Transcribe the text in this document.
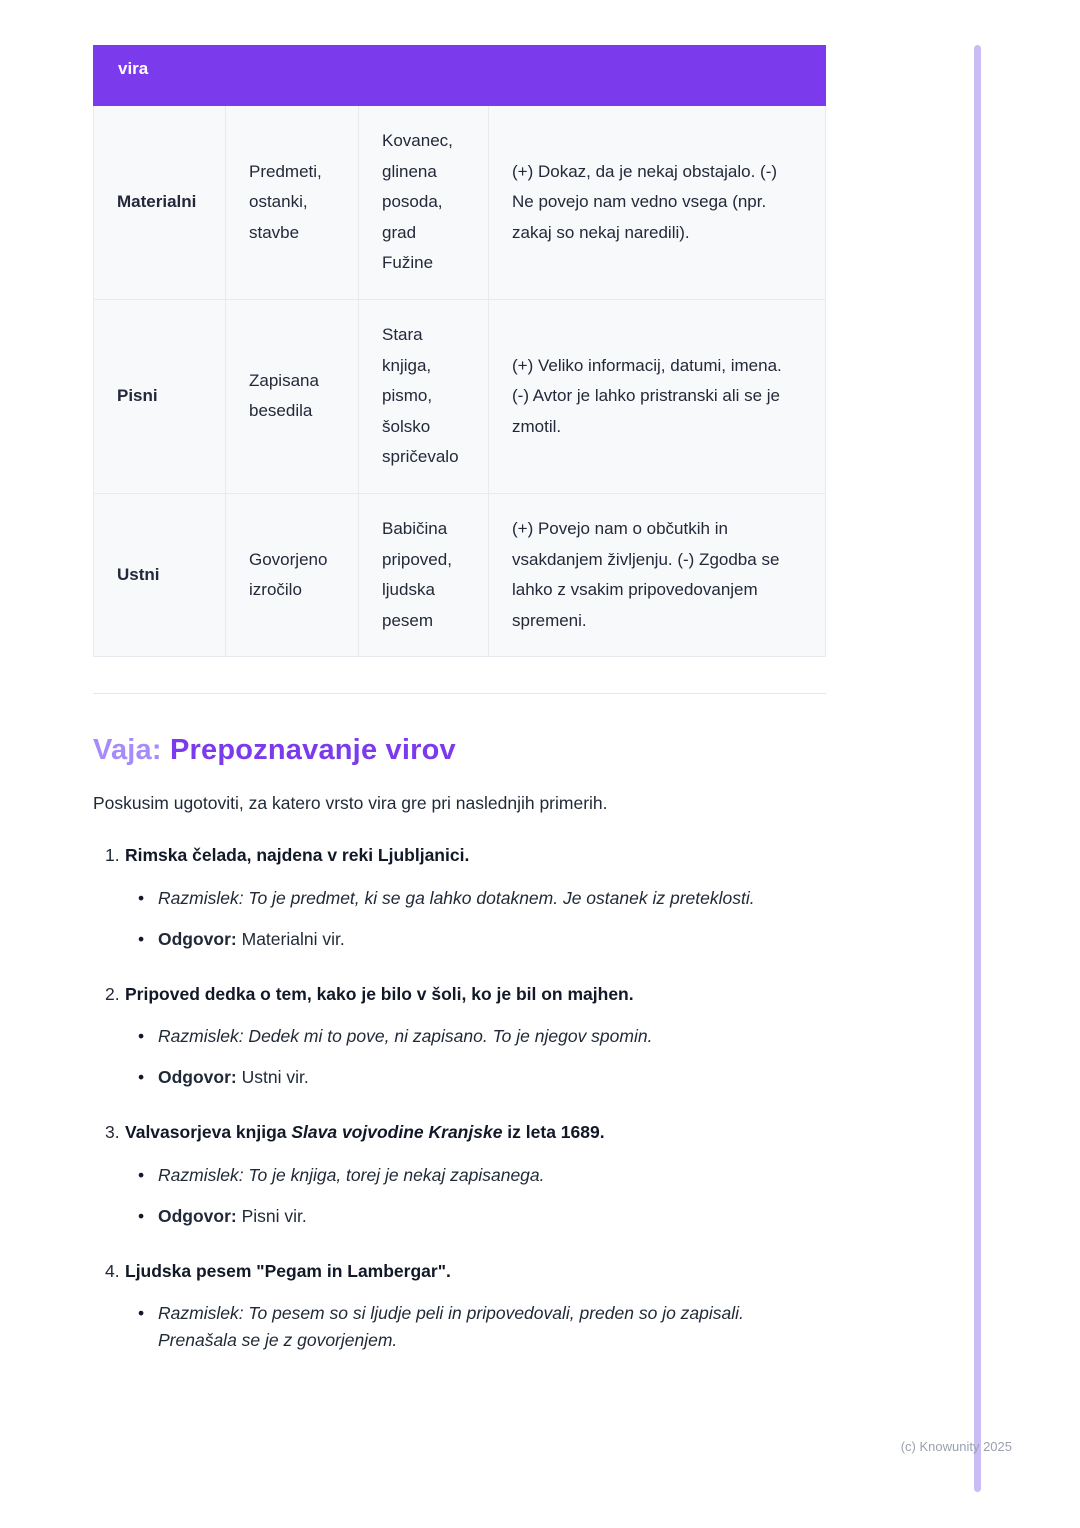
vira			
Materialni	Predmeti, ostanki, stavbe	Kovanec, glinena posoda, grad Fužine	(+) Dokaz, da je nekaj obstajalo. (-) Ne povejo nam vedno vsega (npr. zakaj so nekaj naredili).
Pisni	Zapisana besedila	Stara knjiga, pismo, šolsko spričevalo	(+) Veliko informacij, datumi, imena. (-) Avtor je lahko pristranski ali se je zmotil.
Ustni	Govorjeno izročilo	Babičina pripoved, ljudska pesem	(+) Povejo nam o občutkih in vsakdanjem življenju. (-) Zgodba se lahko z vsakim pripovedovanjem spremeni.
Vaja: Prepoznavanje virov

Poskusim ugotoviti, za katero vrsto vira gre pri naslednjih primerih.

1. Rimska čelada, najdena v reki Ljubljanici.
• Razmislek: To je predmet, ki se ga lahko dotaknem. Je ostanek iz preteklosti.
• Odgovor: Materialni vir.
2. Pripoved dedka o tem, kako je bilo v šoli, ko je bil on majhen.
• Razmislek: Dedek mi to pove, ni zapisano. To je njegov spomin.
• Odgovor: Ustni vir.
3. Valvasorjeva knjiga Slava vojvodine Kranjske iz leta 1689.
• Razmislek: To je knjiga, torej je nekaj zapisanega.
• Odgovor: Pisni vir.
4. Ljudska pesem "Pegam in Lambergar".
• Razmislek: To pesem so si ljudje peli in pripovedovali, preden so jo zapisali. Prenašala se je z govorjenjem.
(c) Knowunity 2025
